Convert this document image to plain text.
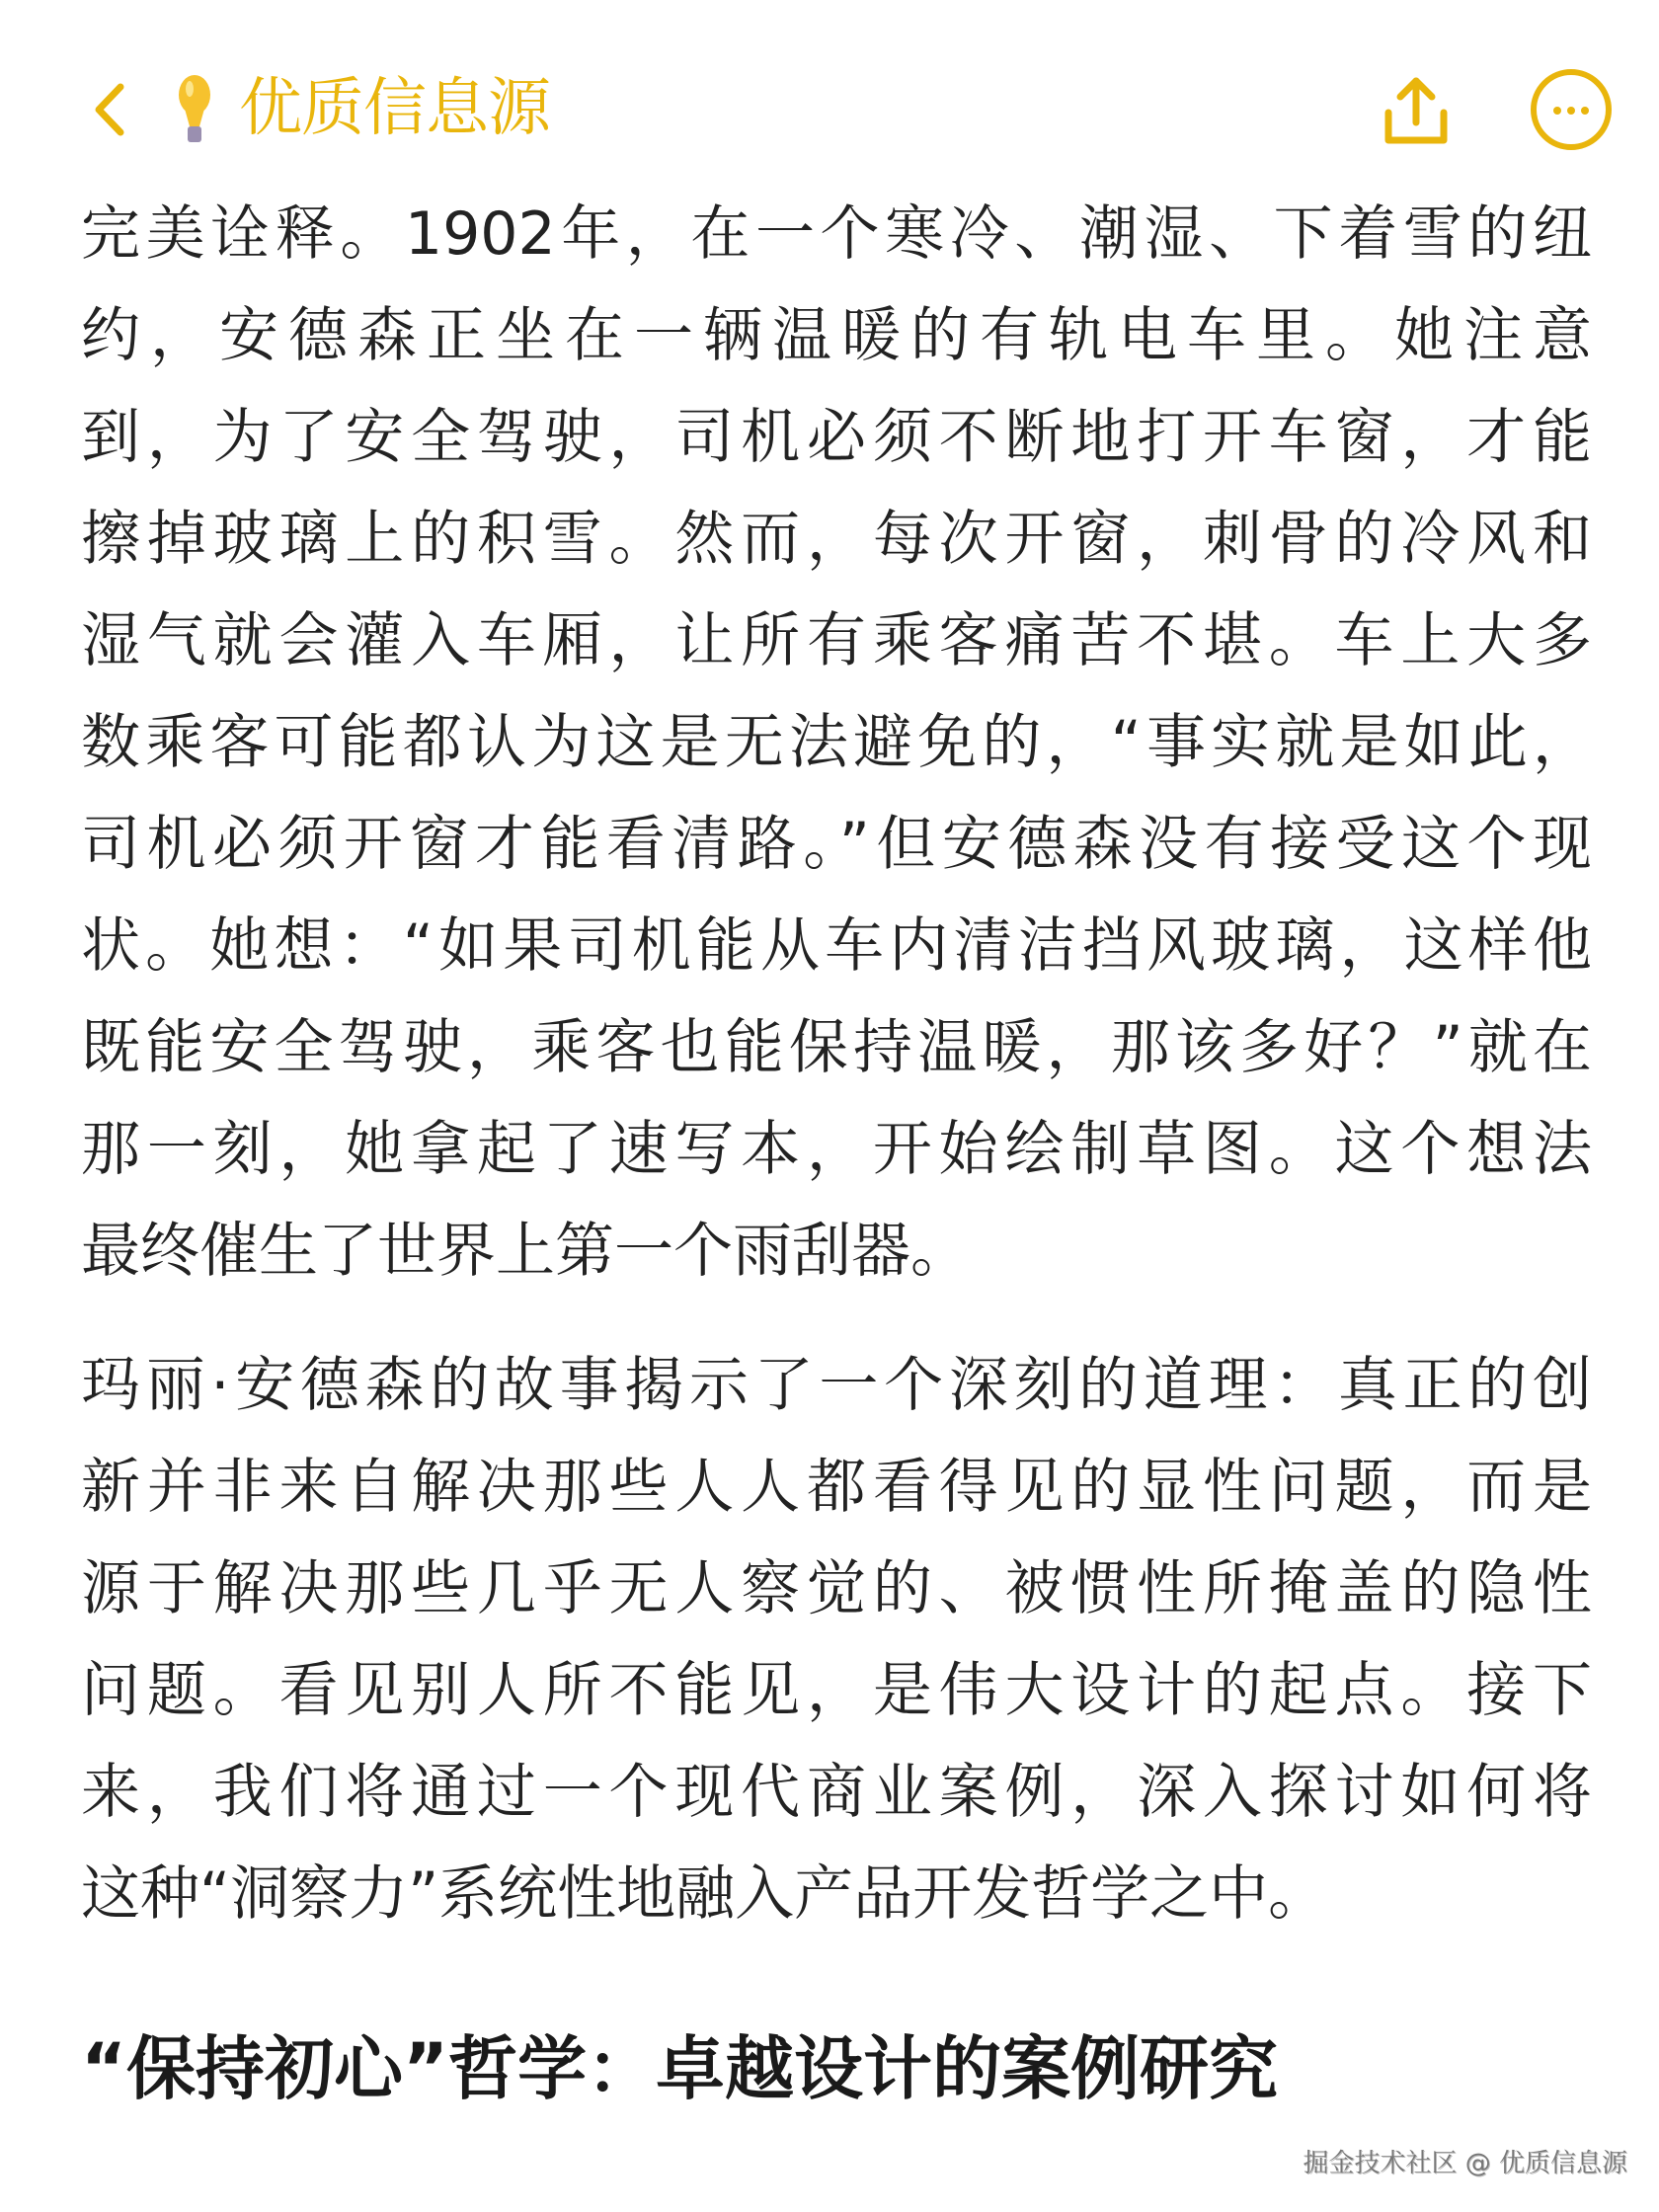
优质信息源
完美诠释。1902年，在一个寒冷、潮湿、下着雪的纽
约，安德森正坐在一辆温暖的有轨电车里。她注意
到，为了安全驾驶，司机必须不断地打开车窗，才能
擦掉玻璃上的积雪。然而，每次开窗，刺骨的冷风和
湿气就会灌入车厢，让所有乘客痛苦不堪。车上大多
数乘客可能都认为这是无法避免的，“事实就是如此，
司机必须开窗才能看清路。”但安德森没有接受这个现
状。她想：“如果司机能从车内清洁挡风玻璃，这样他
既能安全驾驶，乘客也能保持温暖，那该多好？”就在
那一刻，她拿起了速写本，开始绘制草图。这个想法
最终催生了世界上第一个雨刮器。
玛丽·安德森的故事揭示了一个深刻的道理：真正的创
新并非来自解决那些人人都看得见的显性问题，而是
源于解决那些几乎无人察觉的、被惯性所掩盖的隐性
问题。看见别人所不能见，是伟大设计的起点。接下
来，我们将通过一个现代商业案例，深入探讨如何将
这种“洞察力”系统性地融入产品开发哲学之中。
“保持初心”哲学：卓越设计的案例研究
掘金技术社区 @ 优质信息源
